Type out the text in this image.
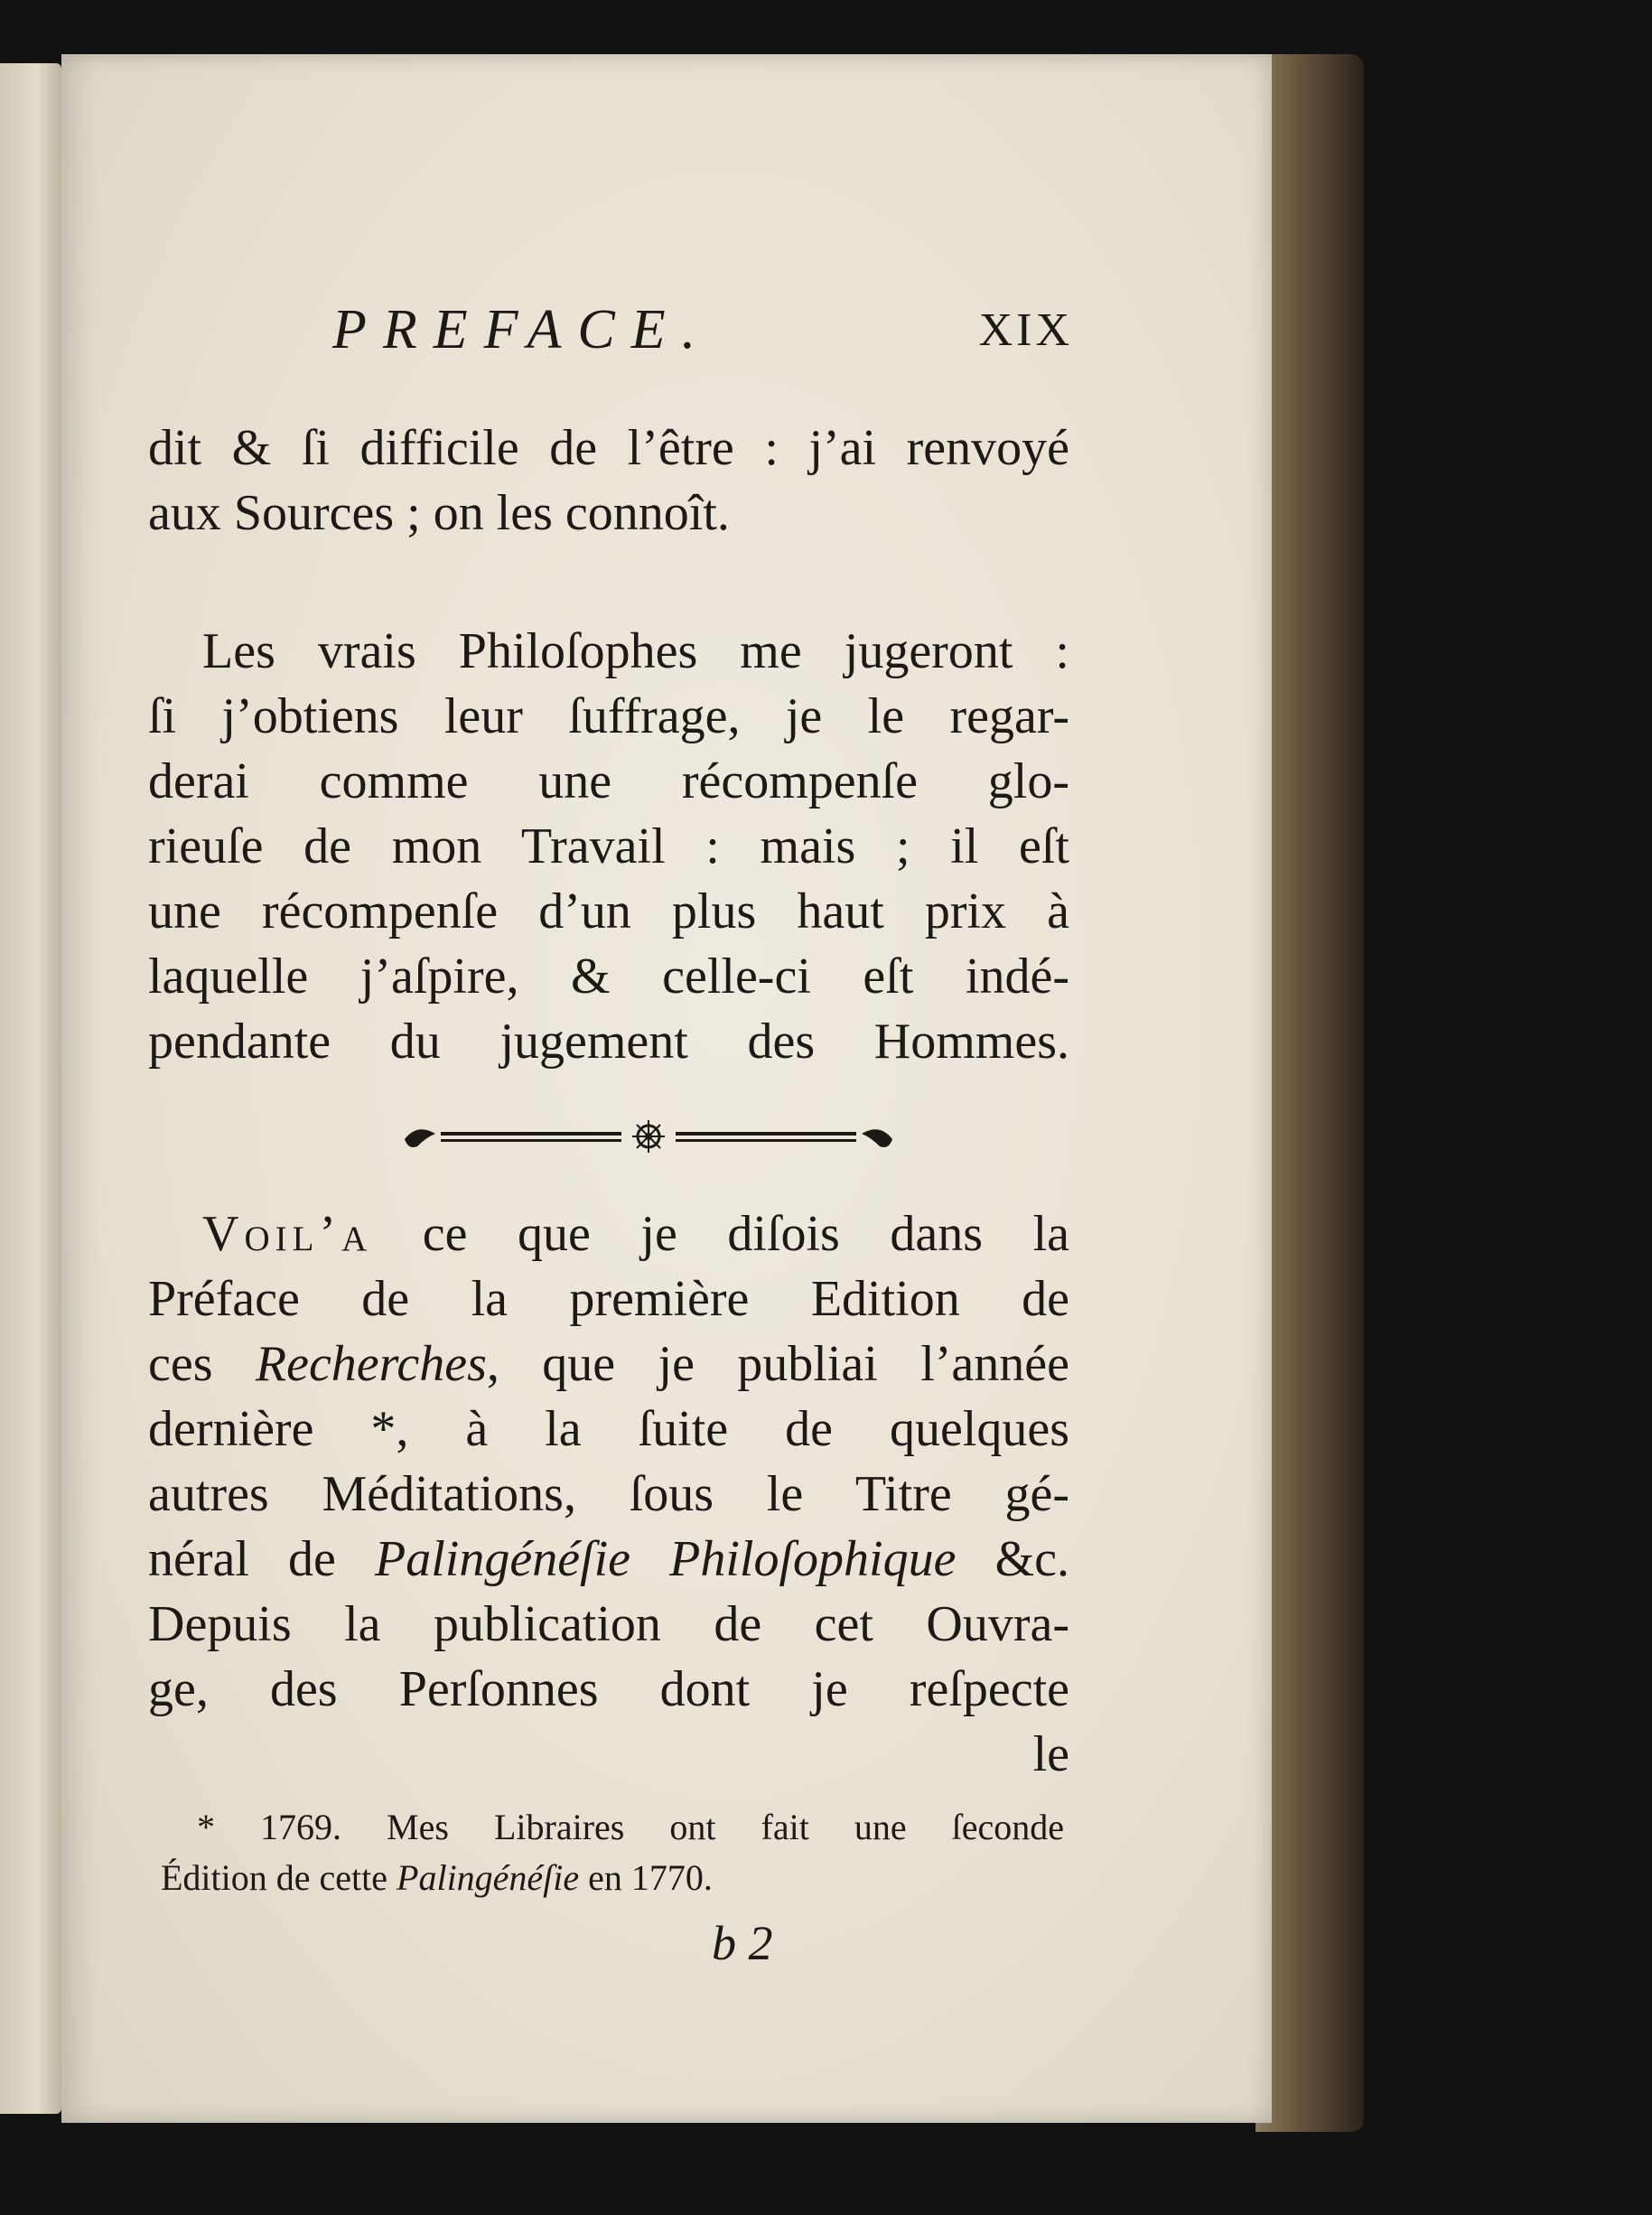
PREFACE.	XIX
dit & ſi difficile de l’être : j’ai renvoyé
aux Sources ; on les connoît.
Les vrais Philoſophes me jugeront :
ſi j’obtiens leur ſuffrage, je le regar-
derai comme une récompenſe glo-
rieuſe de mon Travail : mais ; il eſt
une récompenſe d’un plus haut prix à
laquelle j’aſpire, & celle-ci eſt indé-
pendante du jugement des Hommes.
Voil’a ce que je diſois dans la
Préface de la première Edition de
ces Recherches, que je publiai l’année
dernière *, à la ſuite de quelques
autres Méditations, ſous le Titre gé-
néral de Palingénéſie Philoſophique &c.
Depuis la publication de cet Ouvra-
ge, des Perſonnes dont je reſpecte
le
* 1769. Mes Libraires ont fait une ſeconde
Édition de cette Palingénéſie en 1770.
b 2
